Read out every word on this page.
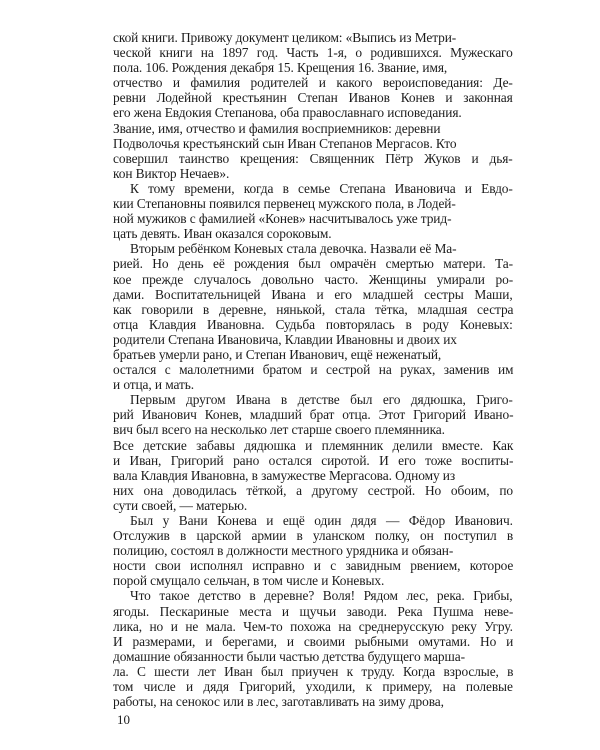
ской книги. Привожу документ целиком: «Выпись из Метри-
ческой книги на 1897 год. Часть 1-я, о родившихся. Мужескаго
пола. 106. Рождения декабря 15. Крещения 16. Звание, имя,
отчество и фамилия родителей и какого вероисповедания: Де-
ревни Лодейной крестьянин Степан Иванов Конев и законная
его жена Евдокия Степанова, оба православнаго исповедания.
Звание, имя, отчество и фамилия восприемников: деревни
Подволочья крестьянский сын Иван Степанов Мергасов. Кто
совершил таинство крещения: Священник Пётр Жуков и дья-
кон Виктор Нечаев».
К тому времени, когда в семье Степана Ивановича и Евдо-
кии Степановны появился первенец мужского пола, в Лодей-
ной мужиков с фамилией «Конев» насчитывалось уже трид-
цать девять. Иван оказался сороковым.
Вторым ребёнком Коневых стала девочка. Назвали её Ма-
рией. Но день её рождения был омрачён смертью матери. Та-
кое прежде случалось довольно часто. Женщины умирали ро-
дами. Воспитательницей Ивана и его младшей сестры Маши,
как говорили в деревне, нянькой, стала тётка, младшая сестра
отца Клавдия Ивановна. Судьба повторялась в роду Коневых:
родители Степана Ивановича, Клавдии Ивановны и двоих их
братьев умерли рано, и Степан Иванович, ещё неженатый,
остался с малолетними братом и сестрой на руках, заменив им
и отца, и мать.
Первым другом Ивана в детстве был его дядюшка, Григо-
рий Иванович Конев, младший брат отца. Этот Григорий Ивано-
вич был всего на несколько лет старше своего племянника.
Все детские забавы дядюшка и племянник делили вместе. Как
и Иван, Григорий рано остался сиротой. И его тоже воспиты-
вала Клавдия Ивановна, в замужестве Мергасова. Одному из
них она доводилась тёткой, а другому сестрой. Но обоим, по
сути своей, — матерью.
Был у Вани Конева и ещё один дядя — Фёдор Иванович.
Отслужив в царской армии в уланском полку, он поступил в
полицию, состоял в должности местного урядника и обязан-
ности свои исполнял исправно и с завидным рвением, которое
порой смущало сельчан, в том числе и Коневых.
Что такое детство в деревне? Воля! Рядом лес, река. Грибы,
ягоды. Пескариные места и щучьи заводи. Река Пушма неве-
лика, но и не мала. Чем-то похожа на среднерусскую реку Угру.
И размерами, и берегами, и своими рыбными омутами. Но и
домашние обязанности были частью детства будущего марша-
ла. С шести лет Иван был приучен к труду. Когда взрослые, в
том числе и дядя Григорий, уходили, к примеру, на полевые
работы, на сенокос или в лес, заготавливать на зиму дрова,
10
